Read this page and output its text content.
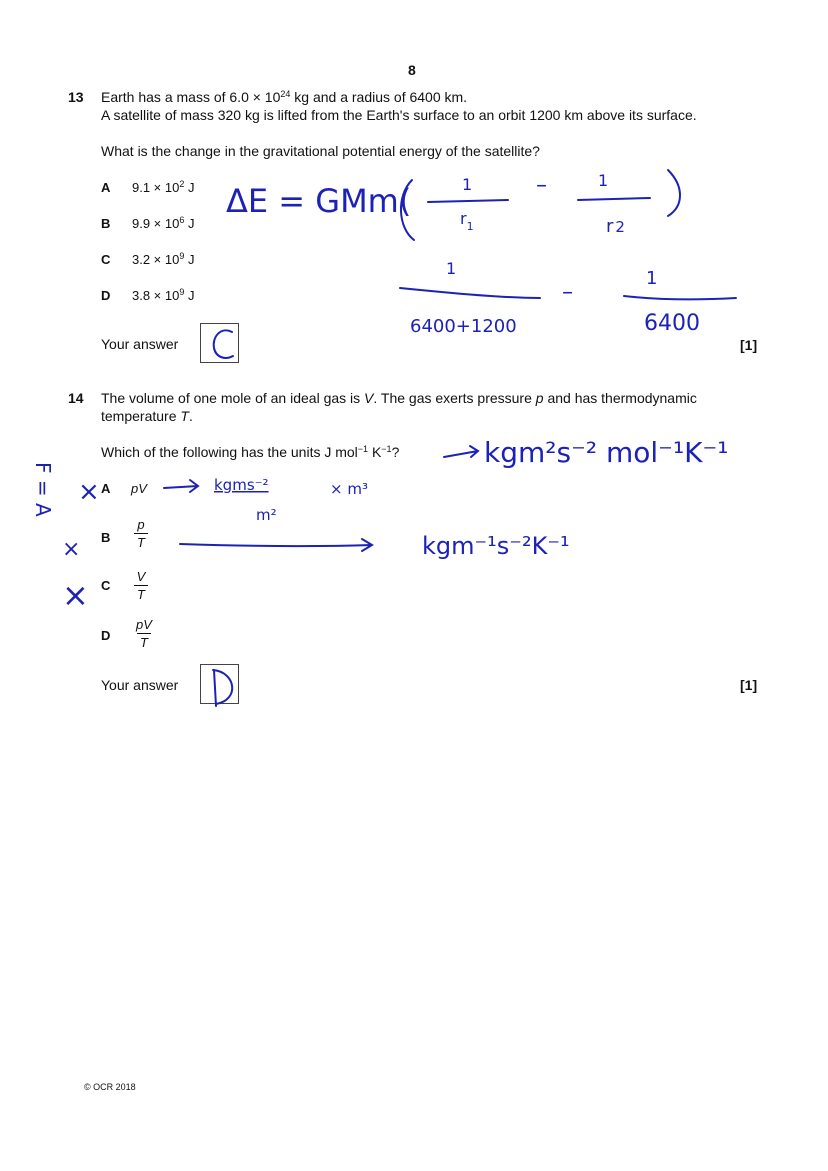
8
13 Earth has a mass of $6.0 \times 10^{24}$ kg and a radius of 6400 km.
A satellite of mass 320 kg is lifted from the Earth's surface to an orbit 1200 km above its surface.
What is the change in the gravitational potential energy of the satellite?
A $9.1 \times 10^2$ J
B $9.9 \times 10^6$ J
C $3.2 \times 10^9$ J
D $3.8 \times 10^9$ J
Your answer	[1]
14 The volume of one mole of an ideal gas is V. The gas exerts pressure p and has thermodynamic
temperature T.
Which of the following has the units J mol$^{-1}$ $K^{-1}$?
A pV
B
p
T
C
V
T
D
pV
T
Your answer	[1]
© OCR 2018
ΔE = GMm(	1	–	1
$r_1$	r 2
1
–
1
6400+1200	6400
kgm²s⁻² mol⁻¹K⁻¹
F = A ×
×
×
kgms⁻²
m²
× m³
kgm⁻¹s⁻²K⁻¹
